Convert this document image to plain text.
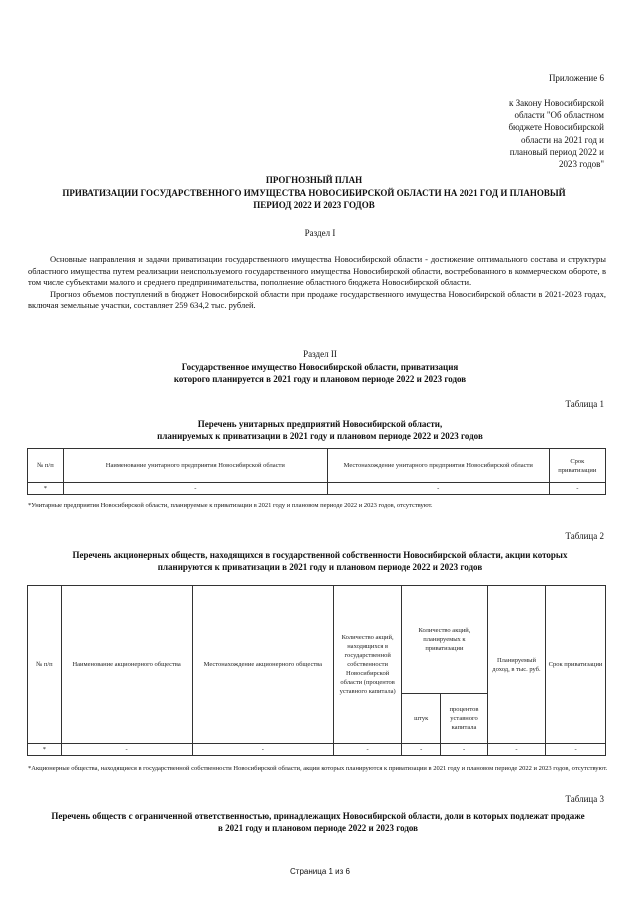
Приложение 6
к Закону Новосибирской
области "Об областном
бюджете Новосибирской
области на 2021 год и
плановый период 2022 и
2023 годов"
ПРОГНОЗНЫЙ ПЛАН
ПРИВАТИЗАЦИИ ГОСУДАРСТВЕННОГО ИМУЩЕСТВА НОВОСИБИРСКОЙ ОБЛАСТИ НА 2021 ГОД И ПЛАНОВЫЙ
ПЕРИОД 2022 И 2023 ГОДОВ
Раздел I

Основные направления и задачи приватизации государственного имущества Новосибирской области - достижение оптимального состава и структуры областного имущества путем реализации неиспользуемого государственного имущества Новосибирской области, востребованного в коммерческом обороте, в том числе субъектами малого и среднего предпринимательства, пополнение областного бюджета Новосибирской области.

Прогноз объемов поступлений в бюджет Новосибирской области при продаже государственного имущества Новосибирской области в 2021-2023 годах, включая земельные участки, составляет 259 634,2 тыс. рублей.

Раздел II
Государственное имущество Новосибирской области, приватизация
которого планируется в 2021 году и плановом периоде 2022 и 2023 годов
Таблица 1
Перечень унитарных предприятий Новосибирской области,
планируемых к приватизации в 2021 году и плановом периоде 2022 и 2023 годов
№ п/п	Наименование унитарного предприятия Новосибирской области	Местонахождение унитарного предприятия Новосибирской области	Срок приватизации
*	-	-	-
*Унитарные предприятия Новосибирской области, планируемые к приватизации в 2021 году и плановом периоде 2022 и 2023 годов, отсутствуют.
Таблица 2
Перечень акционерных обществ, находящихся в государственной собственности Новосибирской области, акции которых
планируются к приватизации в 2021 году и плановом периоде 2022 и 2023 годов
№ п/п	Наименование акционерного общества	Местонахождение акционерного общества	Количество акций, находящихся в государственной собственности Новосибирской области (процентов уставного капитала)	Количество акций, планируемых к приватизации		Планируемый доход, в тыс. руб.	Срок приватизации
				штук	процентов уставного капитала		
*	-	-	-	-	-	-	-
*Акционерные общества, находящиеся в государственной собственности Новосибирской области, акции которых планируются к приватизации в 2021 году и плановом периоде 2022 и 2023 годов, отсутствуют.
Таблица 3
Перечень обществ с ограниченной ответственностью, принадлежащих Новосибирской области, доли в которых подлежат продаже
в 2021 году и плановом периоде 2022 и 2023 годов
Страница 1 из 6
